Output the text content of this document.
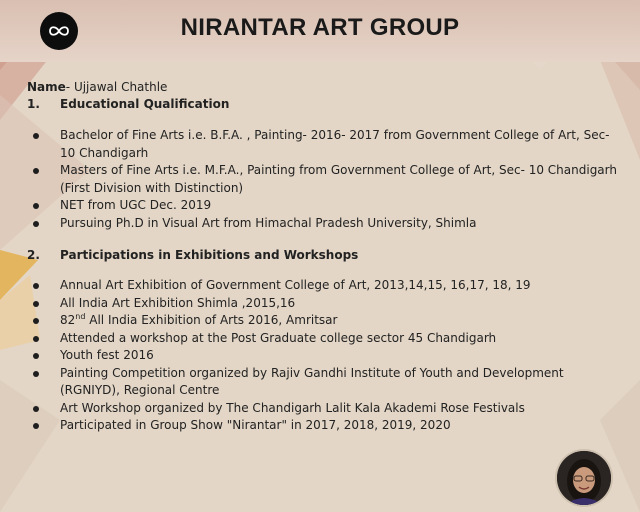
NIRANTAR ART GROUP

Name- Ujjawal Chathle

1.	Educational Qualification
Bachelor of Fine Arts i.e. B.F.A. , Painting- 2016- 2017 from Government College of Art, Sec- 10 Chandigarh
Masters of Fine Arts i.e. M.F.A., Painting from Government College of Art, Sec- 10 Chandigarh (First Division with Distinction)
NET from UGC Dec. 2019
Pursuing Ph.D in Visual Art from Himachal Pradesh University, Shimla
2.	Participations in Exhibitions and Workshops
Annual Art Exhibition of Government College of Art, 2013,14,15, 16,17, 18, 19
All India Art Exhibition Shimla ,2015,16
82nd All India Exhibition of Arts 2016, Amritsar
Attended a workshop at the Post Graduate college sector 45 Chandigarh
Youth fest 2016
Painting Competition organized by Rajiv Gandhi Institute of Youth and Development (RGNIYD), Regional Centre
Art Workshop organized by The Chandigarh Lalit Kala Akademi Rose Festivals
Participated in Group Show "Nirantar" in 2017, 2018, 2019, 2020
